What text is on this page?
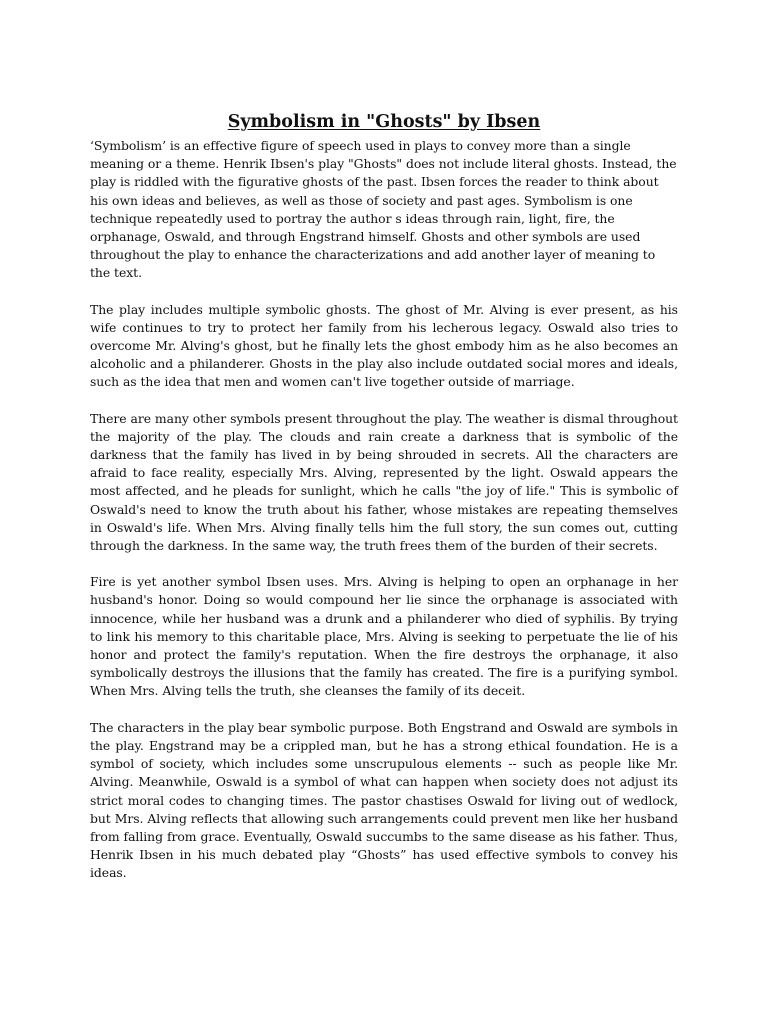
Symbolism in "Ghosts" by Ibsen

‘Symbolism’ is an effective figure of speech used in plays to convey more than a single meaning or a theme. Henrik Ibsen's play "Ghosts" does not include literal ghosts. Instead, the play is riddled with the figurative ghosts of the past. Ibsen forces the reader to think about his own ideas and believes, as well as those of society and past ages. Symbolism is one technique repeatedly used to portray the author s ideas through rain, light, fire, the orphanage, Oswald, and through Engstrand himself. Ghosts and other symbols are used throughout the play to enhance the characterizations and add another layer of meaning to the text.

The play includes multiple symbolic ghosts. The ghost of Mr. Alving is ever present, as his wife continues to try to protect her family from his lecherous legacy. Oswald also tries to overcome Mr. Alving's ghost, but he finally lets the ghost embody him as he also becomes an alcoholic and a philanderer. Ghosts in the play also include outdated social mores and ideals, such as the idea that men and women can't live together outside of marriage.

There are many other symbols present throughout the play. The weather is dismal throughout the majority of the play. The clouds and rain create a darkness that is symbolic of the darkness that the family has lived in by being shrouded in secrets. All the characters are afraid to face reality, especially Mrs. Alving, represented by the light. Oswald appears the most affected, and he pleads for sunlight, which he calls "the joy of life." This is symbolic of Oswald's need to know the truth about his father, whose mistakes are repeating themselves in Oswald's life. When Mrs. Alving finally tells him the full story, the sun comes out, cutting through the darkness. In the same way, the truth frees them of the burden of their secrets.

Fire is yet another symbol Ibsen uses. Mrs. Alving is helping to open an orphanage in her husband's honor. Doing so would compound her lie since the orphanage is associated with innocence, while her husband was a drunk and a philanderer who died of syphilis. By trying to link his memory to this charitable place, Mrs. Alving is seeking to perpetuate the lie of his honor and protect the family's reputation. When the fire destroys the orphanage, it also symbolically destroys the illusions that the family has created. The fire is a purifying symbol. When Mrs. Alving tells the truth, she cleanses the family of its deceit.

The characters in the play bear symbolic purpose. Both Engstrand and Oswald are symbols in the play. Engstrand may be a crippled man, but he has a strong ethical foundation. He is a symbol of society, which includes some unscrupulous elements -- such as people like Mr. Alving. Meanwhile, Oswald is a symbol of what can happen when society does not adjust its strict moral codes to changing times. The pastor chastises Oswald for living out of wedlock, but Mrs. Alving reflects that allowing such arrangements could prevent men like her husband from falling from grace. Eventually, Oswald succumbs to the same disease as his father. Thus, Henrik Ibsen in his much debated play “Ghosts” has used effective symbols to convey his ideas.
